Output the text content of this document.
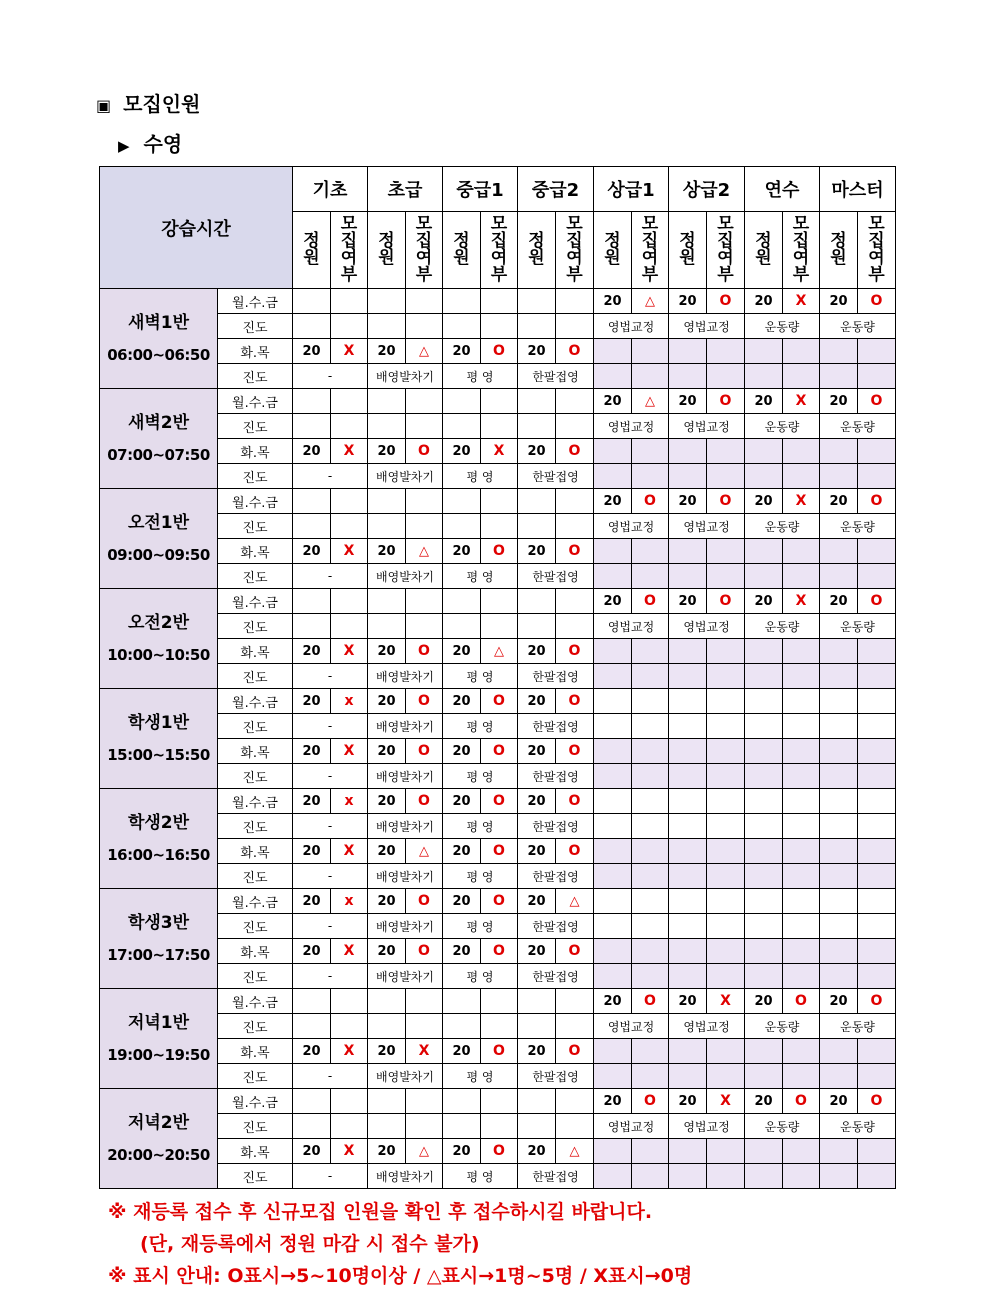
▣ 모집인원
▶ 수영
강습시간		기초		초급		중급1		중급2		상급1		상급2		연수		마스터	
		정원	모집여부	정원	모집여부	정원	모집여부	정원	모집여부	정원	모집여부	정원	모집여부	정원	모집여부	정원	모집여부

새벽1반
06:00~06:50	월.수.금									20	△	20	O	20	X	20	O
	진도									영법교정		영법교정		운동량		운동량	
	화.목	20	X	20	△	20	O	20	O								
	진도	-		배영발차기		평 영		한팔접영									

새벽2반
07:00~07:50	월.수.금									20	△	20	O	20	X	20	O
	진도									영법교정		영법교정		운동량		운동량	
	화.목	20	X	20	O	20	X	20	O								
	진도	-		배영발차기		평 영		한팔접영									

오전1반
09:00~09:50	월.수.금									20	O	20	O	20	X	20	O
	진도									영법교정		영법교정		운동량		운동량	
	화.목	20	X	20	△	20	O	20	O								
	진도	-		배영발차기		평 영		한팔접영									

오전2반
10:00~10:50	월.수.금									20	O	20	O	20	X	20	O
	진도									영법교정		영법교정		운동량		운동량	
	화.목	20	X	20	O	20	△	20	O								
	진도	-		배영발차기		평 영		한팔접영									

학생1반
15:00~15:50	월.수.금	20	x	20	O	20	O	20	O								
	진도	-		배영발차기		평 영		한팔접영									
	화.목	20	X	20	O	20	O	20	O								
	진도	-		배영발차기		평 영		한팔접영									

학생2반
16:00~16:50	월.수.금	20	x	20	O	20	O	20	O								
	진도	-		배영발차기		평 영		한팔접영									
	화.목	20	X	20	△	20	O	20	O								
	진도	-		배영발차기		평 영		한팔접영									

학생3반
17:00~17:50	월.수.금	20	x	20	O	20	O	20	△								
	진도	-		배영발차기		평 영		한팔접영									
	화.목	20	X	20	O	20	O	20	O								
	진도	-		배영발차기		평 영		한팔접영									

저녁1반
19:00~19:50	월.수.금									20	O	20	X	20	O	20	O
	진도									영법교정		영법교정		운동량		운동량	
	화.목	20	X	20	X	20	O	20	O								
	진도	-		배영발차기		평 영		한팔접영									

저녁2반
20:00~20:50	월.수.금									20	O	20	X	20	O	20	O
	진도									영법교정		영법교정		운동량		운동량	
	화.목	20	X	20	△	20	O	20	△								
	진도	-		배영발차기		평 영		한팔접영									
※ 재등록 접수 후 신규모집 인원을 확인 후 접수하시길 바랍니다.
(단, 재등록에서 정원 마감 시 접수 불가)
※ 표시 안내: O표시→5~10명이상 / △표시→1명~5명 / X표시→0명
